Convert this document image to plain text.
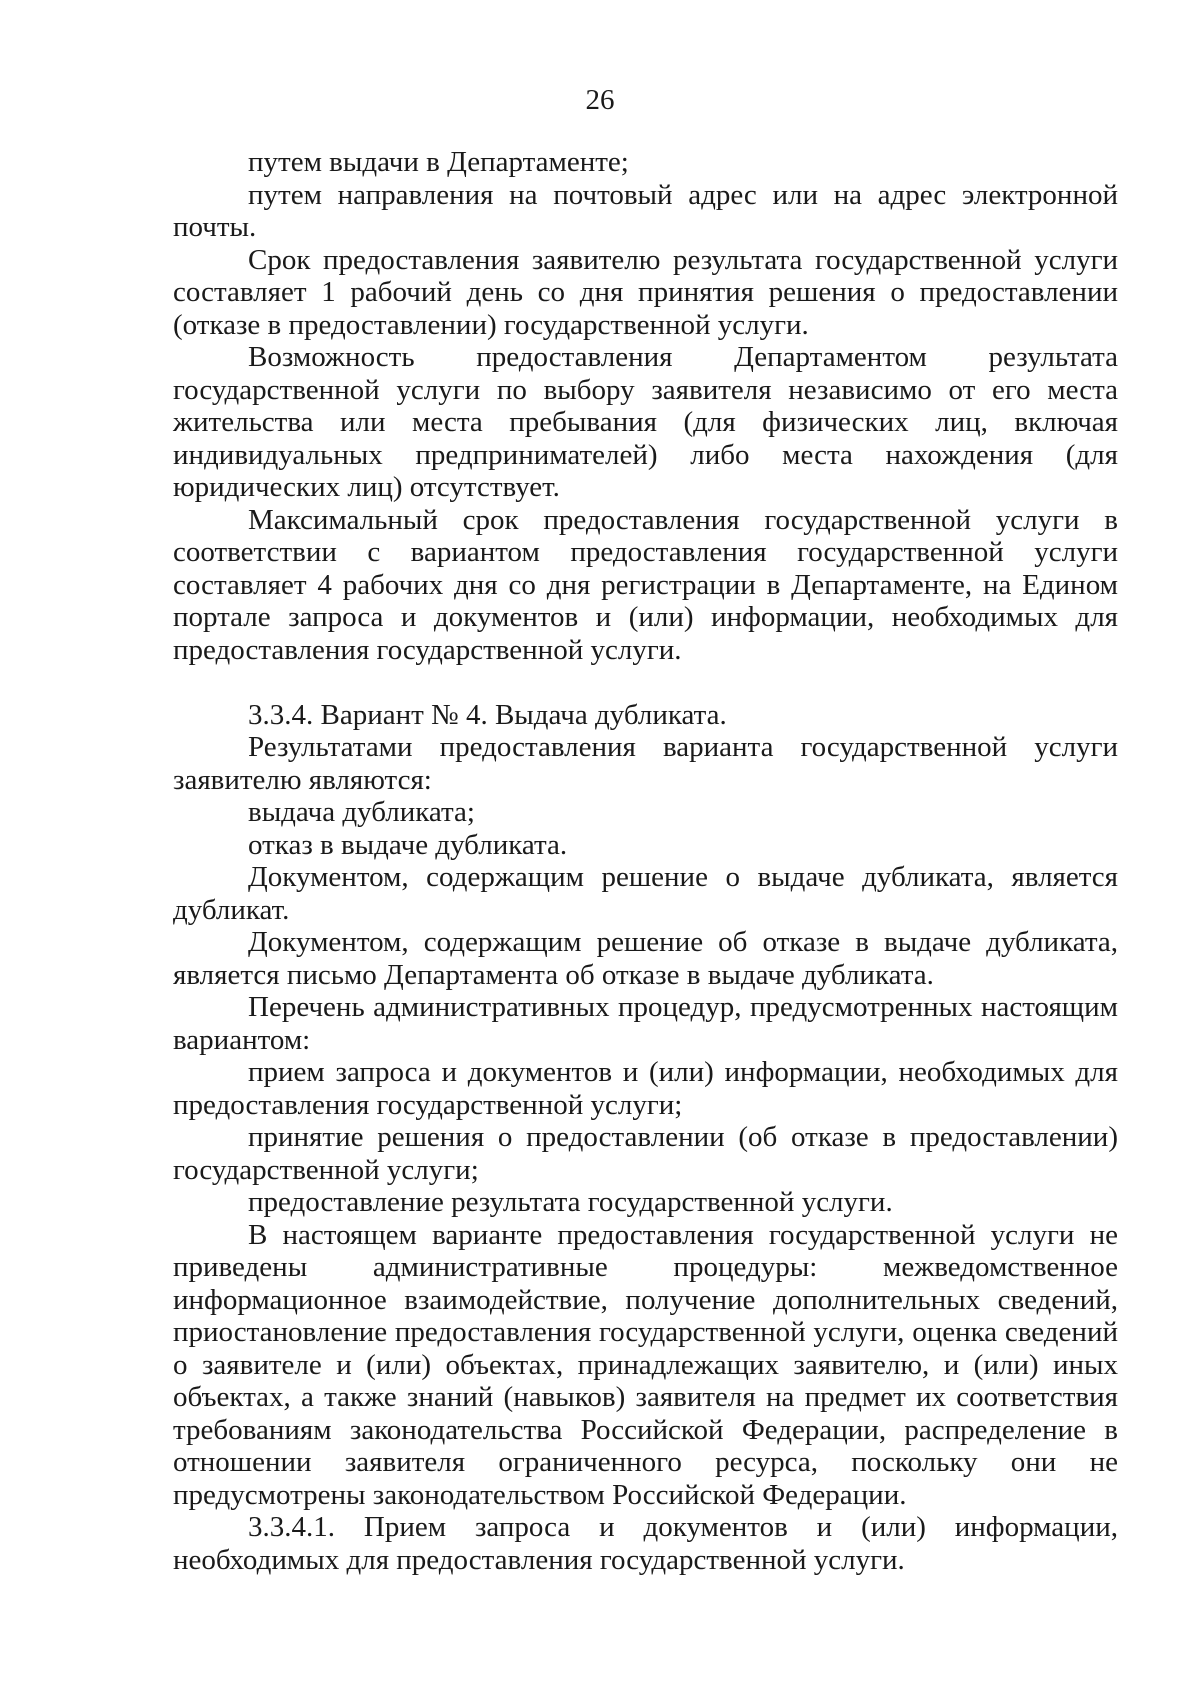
26

путем выдачи в Департаменте;

путем направления на почтовый адрес или на адрес электронной почты.

Срок предоставления заявителю результата государственной услуги составляет 1 рабочий день со дня принятия решения о предоставлении (отказе в предоставлении) государственной услуги.

Возможность предоставления Департаментом результата государственной услуги по выбору заявителя независимо от его места жительства или места пребывания (для физических лиц, включая индивидуальных предпринимателей) либо места нахождения (для юридических лиц) отсутствует.

Максимальный срок предоставления государственной услуги в соответствии с вариантом предоставления государственной услуги составляет 4 рабочих дня со дня регистрации в Департаменте, на Едином портале запроса и документов и (или) информации, необходимых для предоставления государственной услуги.

3.3.4. Вариант № 4. Выдача дубликата.

Результатами предоставления варианта государственной услуги заявителю являются:

выдача дубликата;

отказ в выдаче дубликата.

Документом, содержащим решение о выдаче дубликата, является дубликат.

Документом, содержащим решение об отказе в выдаче дубликата, является письмо Департамента об отказе в выдаче дубликата.

Перечень административных процедур, предусмотренных настоящим вариантом:

прием запроса и документов и (или) информации, необходимых для предоставления государственной услуги;

принятие решения о предоставлении (об отказе в предоставлении) государственной услуги;

предоставление результата государственной услуги.

В настоящем варианте предоставления государственной услуги не приведены административные процедуры: межведомственное информационное взаимодействие, получение дополнительных сведений, приостановление предоставления государственной услуги, оценка сведений о заявителе и (или) объектах, принадлежащих заявителю, и (или) иных объектах, а также знаний (навыков) заявителя на предмет их соответствия требованиям законодательства Российской Федерации, распределение в отношении заявителя ограниченного ресурса, поскольку они не предусмотрены законодательством Российской Федерации.

3.3.4.1. Прием запроса и документов и (или) информации, необходимых для предоставления государственной услуги.
